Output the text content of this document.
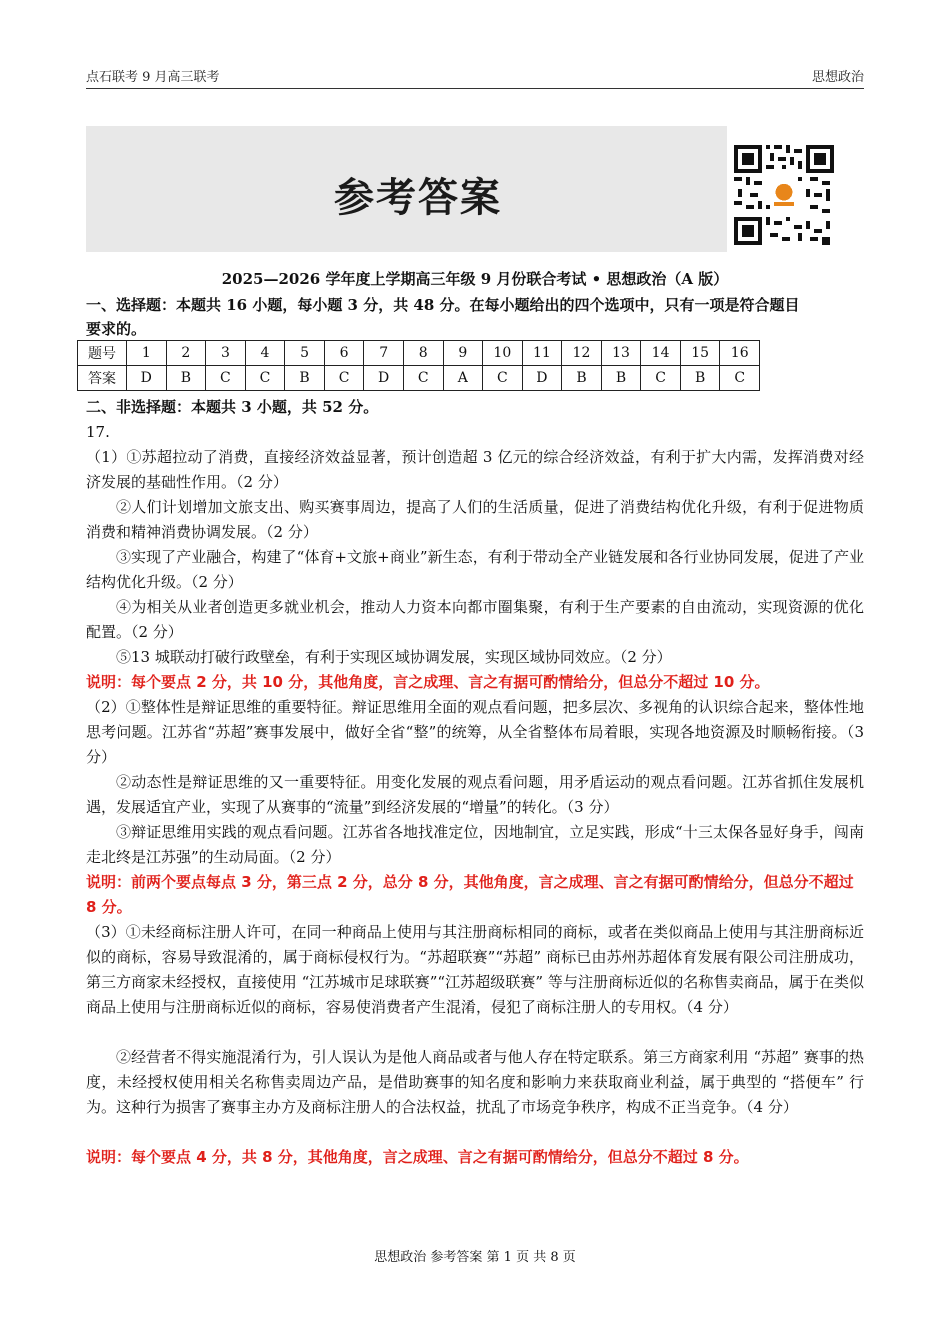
点石联考 9 月高三联考	思想政治
参考答案
2025—2026 学年度上学期高三年级 9 月份联合考试 • 思想政治（A 版）
一、选择题：本题共 16 小题，每小题 3 分，共 48 分。在每小题给出的四个选项中，只有一项是符合题目
要求的。
题号	1	2	3	4	5	6	7	8	9	10	11	12	13	14	15	16
答案	D	B	C	C	B	C	D	C	A	C	D	B	B	C	B	C
二、非选择题：本题共 3 小题，共 52 分。
17.
（1）①苏超拉动了消费，直接经济效益显著，预计创造超 3 亿元的综合经济效益，有利于扩大内需，发挥消费对经济发展的基础性作用。（2 分）
②人们计划增加文旅支出、购买赛事周边，提高了人们的生活质量，促进了消费结构优化升级，有利于促进物质消费和精神消费协调发展。（2 分）
③实现了产业融合，构建了“体育+文旅+商业”新生态，有利于带动全产业链发展和各行业协同发展，促进了产业结构优化升级。（2 分）
④为相关从业者创造更多就业机会，推动人力资本向都市圈集聚，有利于生产要素的自由流动，实现资源的优化配置。（2 分）
⑤13 城联动打破行政壁垒，有利于实现区域协调发展，实现区域协同效应。（2 分）
说明：每个要点 2 分，共 10 分，其他角度，言之成理、言之有据可酌情给分，但总分不超过 10 分。
（2）①整体性是辩证思维的重要特征。辩证思维用全面的观点看问题，把多层次、多视角的认识综合起来，整体性地思考问题。江苏省“苏超”赛事发展中，做好全省“整”的统筹，从全省整体布局着眼，实现各地资源及时顺畅衔接。（3 分）
②动态性是辩证思维的又一重要特征。用变化发展的观点看问题，用矛盾运动的观点看问题。江苏省抓住发展机遇，发展适宜产业，实现了从赛事的“流量”到经济发展的“增量”的转化。（3 分）
③辩证思维用实践的观点看问题。江苏省各地找准定位，因地制宜，立足实践，形成“十三太保各显好身手，闯南走北终是江苏强”的生动局面。（2 分）
说明：前两个要点每点 3 分，第三点 2 分，总分 8 分，其他角度，言之成理、言之有据可酌情给分，但总分不超过 8 分。
（3）①未经商标注册人许可，在同一种商品上使用与其注册商标相同的商标，或者在类似商品上使用与其注册商标近似的商标，容易导致混淆的，属于商标侵权行为。“苏超联赛”“苏超” 商标已由苏州苏超体育发展有限公司注册成功，第三方商家未经授权，直接使用 “江苏城市足球联赛”“江苏超级联赛” 等与注册商标近似的名称售卖商品，属于在类似商品上使用与注册商标近似的商标，容易使消费者产生混淆，侵犯了商标注册人的专用权。（4 分）
②经营者不得实施混淆行为，引人误认为是他人商品或者与他人存在特定联系。第三方商家利用 “苏超” 赛事的热度，未经授权使用相关名称售卖周边产品，是借助赛事的知名度和影响力来获取商业利益，属于典型的 “搭便车” 行为。这种行为损害了赛事主办方及商标注册人的合法权益，扰乱了市场竞争秩序，构成不正当竞争。（4 分）
说明：每个要点 4 分，共 8 分，其他角度，言之成理、言之有据可酌情给分，但总分不超过 8 分。
思想政治 参考答案 第 1 页 共 8 页
